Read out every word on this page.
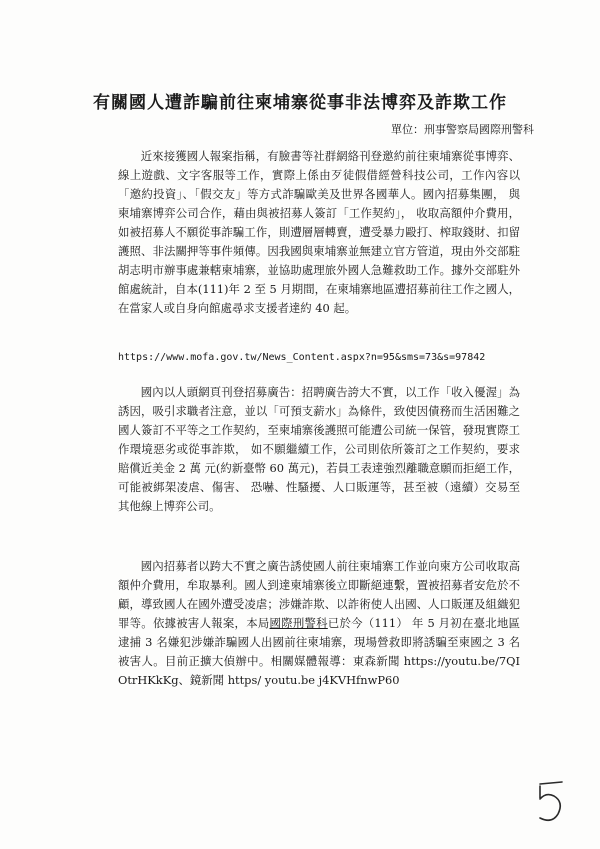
有關國人遭詐騙前往柬埔寨從事非法博弈及詐欺工作

單位：刑事警察局國際刑警科

近來接獲國人報案指稱，有臉書等社群網絡刊登邀約前往柬埔寨從事博弈、線上遊戲、文字客服等工作，實際上係由歹徒假借經營科技公司，工作內容以「邀約投資」、「假交友」等方式詐騙歐美及世界各國華人。國內招募集團， 與柬埔寨博弈公司合作，藉由與被招募人簽訂「工作契約」， 收取高額仲介費用，如被招募人不願從事詐騙工作，則遭層層轉賣，遭受暴力毆打、榨取錢財、扣留護照、非法關押等事件頻傳。因我國與柬埔寨並無建立官方管道，現由外交部駐胡志明市辦事處兼轄柬埔寨，並協助處理旅外國人急難救助工作。據外交部駐外館處統計，自本(111)年 2 至 5 月期間，在柬埔寨地區遭招募前往工作之國人，在當家人或自身向館處尋求支援者達約 40 起。

https://www.mofa.gov.tw/News_Content.aspx?n=95&sms=73&s=97842

國內以人頭網頁刊登招募廣告：招聘廣告誇大不實，以工作「收入優渥」為誘因，吸引求職者注意，並以「可預支薪水」為條件，致使因債務而生活困難之國人簽訂不平等之工作契約，至柬埔寨後護照可能遭公司統一保管，發現實際工作環境惡劣或從事詐欺， 如不願繼續工作，公司則依所簽訂之工作契約，要求賠償近美金 2 萬 元(約新臺幣 60 萬元)，若員工表達強烈離職意願而拒絕工作，可能被綁架凌虐、傷害、 恐嚇、性騷擾、人口販運等，甚至被（遠續）交易至其他線上博弈公司。

國內招募者以跨大不實之廣告誘使國人前往柬埔寨工作並向柬方公司收取高額仲介費用，牟取暴利。國人到達柬埔寨後立即斷絕連繫，置被招募者安危於不顧，導致國人在國外遭受凌虐；涉嫌詐欺、以詐術使人出國、人口販運及組織犯罪等。依據被害人報案，本局國際刑警科已於今（111） 年 5 月初在臺北地區逮捕 3 名嫌犯涉嫌詐騙國人出國前往柬埔寨，現場營救即將誘騙至柬國之 3 名被害人。目前正擴大偵辦中。相關媒體報導：東森新聞 https://youtu.be/7QIOtrHKkKg、鏡新聞 https/ youtu.be j4KVHfnwP60
